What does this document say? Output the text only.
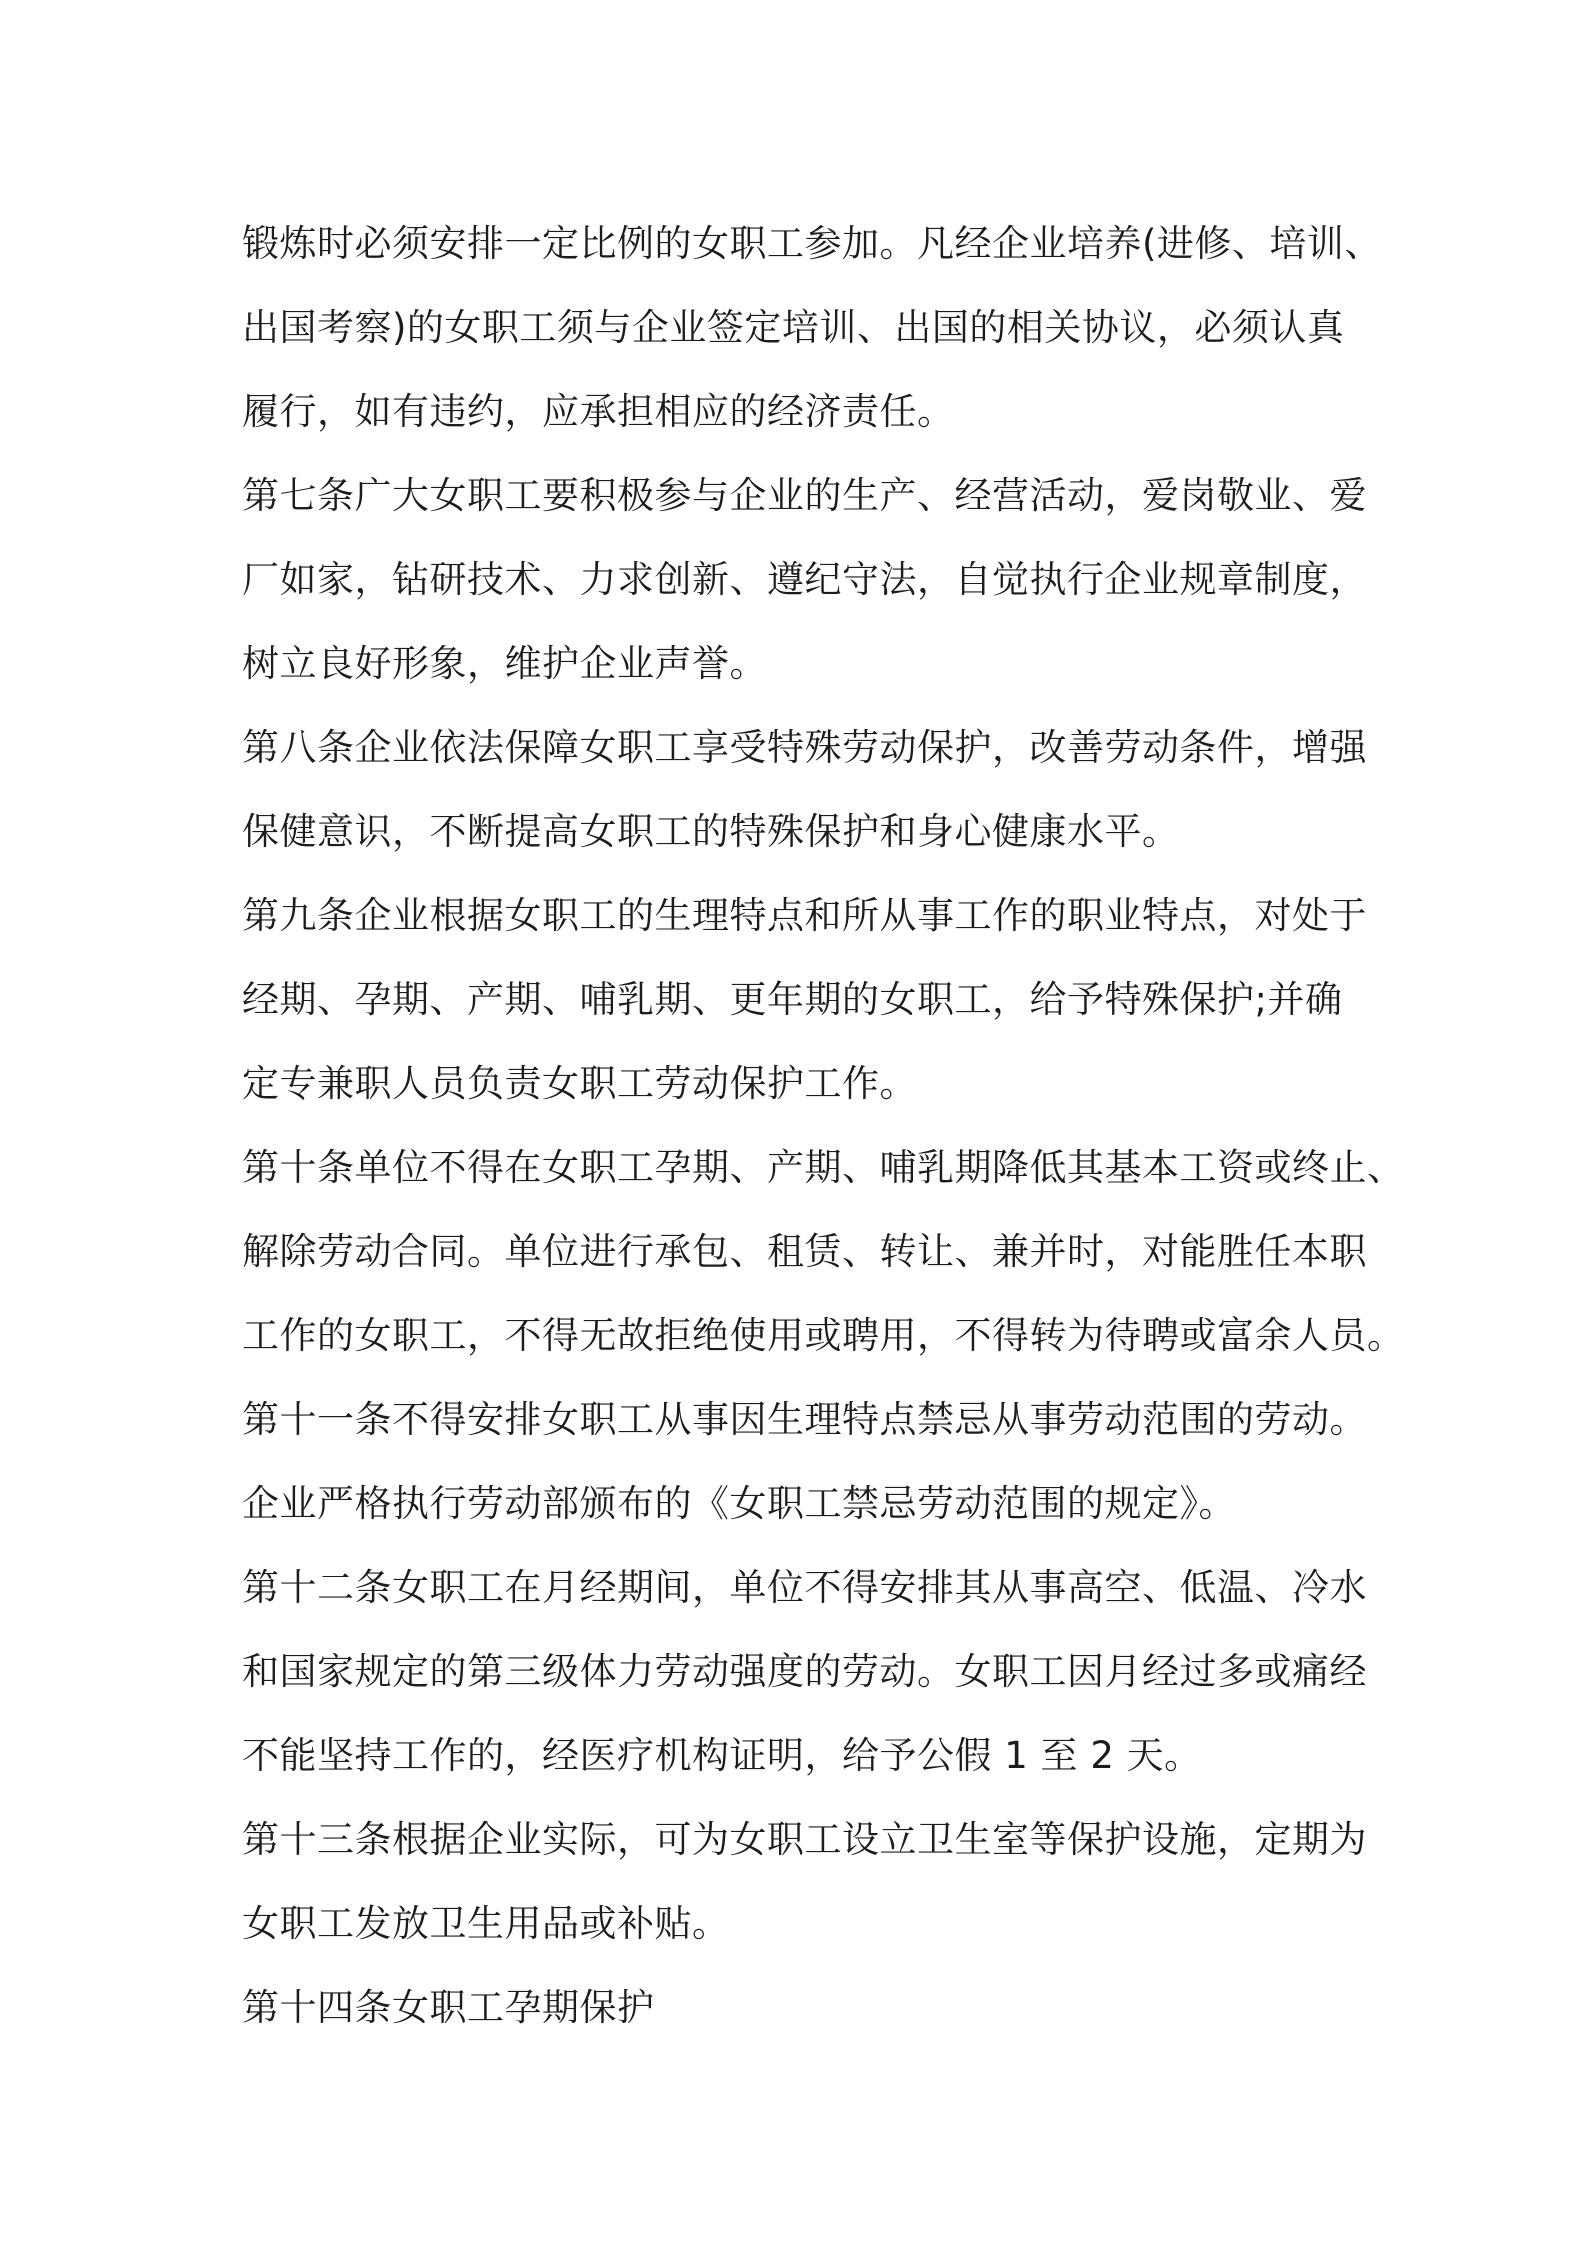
锻炼时必须安排一定比例的女职工参加。凡经企业培养(进修、培训、
出国考察)的女职工须与企业签定培训、出国的相关协议，必须认真
履行，如有违约，应承担相应的经济责任。
第七条广大女职工要积极参与企业的生产、经营活动，爱岗敬业、爱
厂如家，钻研技术、力求创新、遵纪守法，自觉执行企业规章制度，
树立良好形象，维护企业声誉。
第八条企业依法保障女职工享受特殊劳动保护，改善劳动条件，增强
保健意识，不断提高女职工的特殊保护和身心健康水平。
第九条企业根据女职工的生理特点和所从事工作的职业特点，对处于
经期、孕期、产期、哺乳期、更年期的女职工，给予特殊保护;并确
定专兼职人员负责女职工劳动保护工作。
第十条单位不得在女职工孕期、产期、哺乳期降低其基本工资或终止、
解除劳动合同。单位进行承包、租赁、转让、兼并时，对能胜任本职
工作的女职工，不得无故拒绝使用或聘用，不得转为待聘或富余人员。
第十一条不得安排女职工从事因生理特点禁忌从事劳动范围的劳动。
企业严格执行劳动部颁布的《女职工禁忌劳动范围的规定》。
第十二条女职工在月经期间，单位不得安排其从事高空、低温、冷水
和国家规定的第三级体力劳动强度的劳动。女职工因月经过多或痛经
不能坚持工作的，经医疗机构证明，给予公假 1 至 2 天。
第十三条根据企业实际，可为女职工设立卫生室等保护设施，定期为
女职工发放卫生用品或补贴。
第十四条女职工孕期保护
